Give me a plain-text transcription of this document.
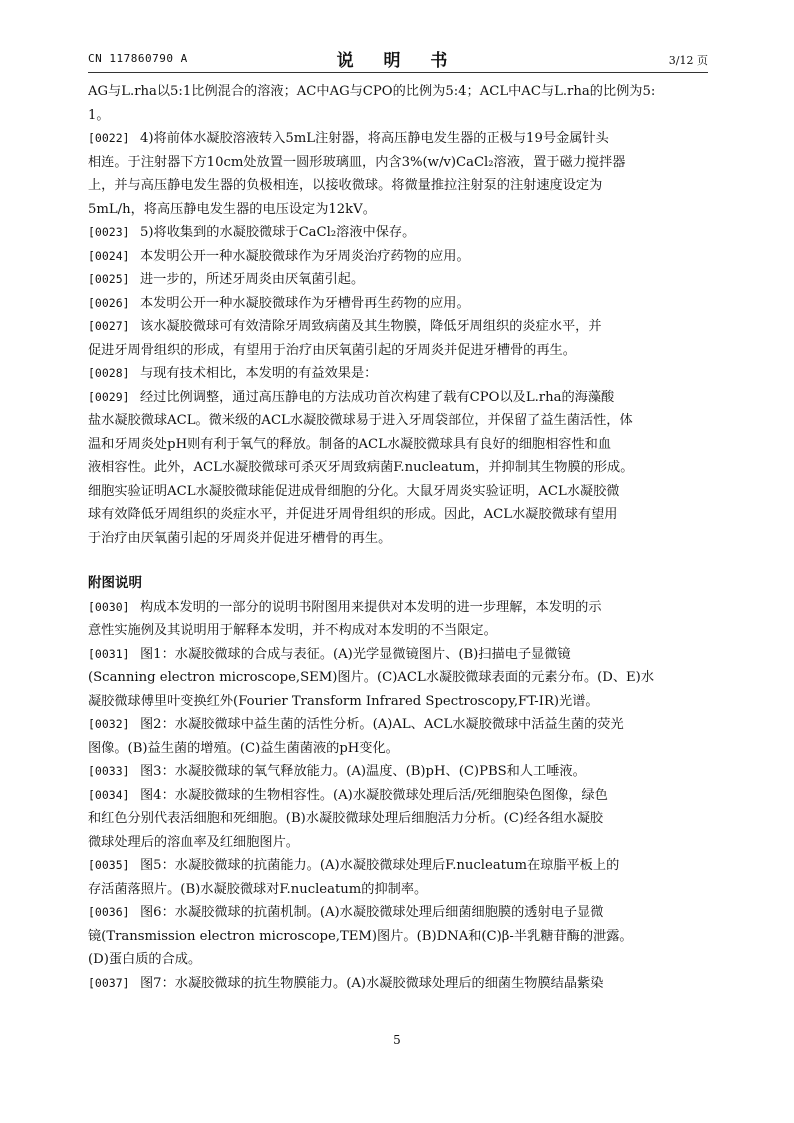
CN 117860790 A	说 明 书	3/12 页
AG与L.rha以5:1比例混合的溶液；AC中AG与CPO的比例为5:4；ACL中AC与L.rha的比例为5:
1。
[0022] 4)将前体水凝胶溶液转入5mL注射器，将高压静电发生器的正极与19号金属针头
相连。于注射器下方10cm处放置一圆形玻璃皿，内含3%(w/v)CaCl₂溶液，置于磁力搅拌器
上，并与高压静电发生器的负极相连，以接收微球。将微量推拉注射泵的注射速度设定为
5mL/h，将高压静电发生器的电压设定为12kV。
[0023] 5)将收集到的水凝胶微球于CaCl₂溶液中保存。
[0024] 本发明公开一种水凝胶微球作为牙周炎治疗药物的应用。
[0025] 进一步的，所述牙周炎由厌氧菌引起。
[0026] 本发明公开一种水凝胶微球作为牙槽骨再生药物的应用。
[0027] 该水凝胶微球可有效清除牙周致病菌及其生物膜，降低牙周组织的炎症水平，并
促进牙周骨组织的形成，有望用于治疗由厌氧菌引起的牙周炎并促进牙槽骨的再生。
[0028] 与现有技术相比，本发明的有益效果是：
[0029] 经过比例调整，通过高压静电的方法成功首次构建了载有CPO以及L.rha的海藻酸
盐水凝胶微球ACL。微米级的ACL水凝胶微球易于进入牙周袋部位，并保留了益生菌活性，体
温和牙周炎处pH则有利于氧气的释放。制备的ACL水凝胶微球具有良好的细胞相容性和血
液相容性。此外，ACL水凝胶微球可杀灭牙周致病菌F.nucleatum，并抑制其生物膜的形成。
细胞实验证明ACL水凝胶微球能促进成骨细胞的分化。大鼠牙周炎实验证明，ACL水凝胶微
球有效降低牙周组织的炎症水平，并促进牙周骨组织的形成。因此，ACL水凝胶微球有望用
于治疗由厌氧菌引起的牙周炎并促进牙槽骨的再生。
附图说明
[0030] 构成本发明的一部分的说明书附图用来提供对本发明的进一步理解，本发明的示
意性实施例及其说明用于解释本发明，并不构成对本发明的不当限定。
[0031] 图1：水凝胶微球的合成与表征。(A)光学显微镜图片、(B)扫描电子显微镜
(Scanning electron microscope,SEM)图片。(C)ACL水凝胶微球表面的元素分布。(D、E)水
凝胶微球傅里叶变换红外(Fourier Transform Infrared Spectroscopy,FT-IR)光谱。
[0032] 图2：水凝胶微球中益生菌的活性分析。(A)AL、ACL水凝胶微球中活益生菌的荧光
图像。(B)益生菌的增殖。(C)益生菌菌液的pH变化。
[0033] 图3：水凝胶微球的氧气释放能力。(A)温度、(B)pH、(C)PBS和人工唾液。
[0034] 图4：水凝胶微球的生物相容性。(A)水凝胶微球处理后活/死细胞染色图像，绿色
和红色分别代表活细胞和死细胞。(B)水凝胶微球处理后细胞活力分析。(C)经各组水凝胶
微球处理后的溶血率及红细胞图片。
[0035] 图5：水凝胶微球的抗菌能力。(A)水凝胶微球处理后F.nucleatum在琼脂平板上的
存活菌落照片。(B)水凝胶微球对F.nucleatum的抑制率。
[0036] 图6：水凝胶微球的抗菌机制。(A)水凝胶微球处理后细菌细胞膜的透射电子显微
镜(Transmission electron microscope,TEM)图片。(B)DNA和(C)β-半乳糖苷酶的泄露。
(D)蛋白质的合成。
[0037] 图7：水凝胶微球的抗生物膜能力。(A)水凝胶微球处理后的细菌生物膜结晶紫染
5
